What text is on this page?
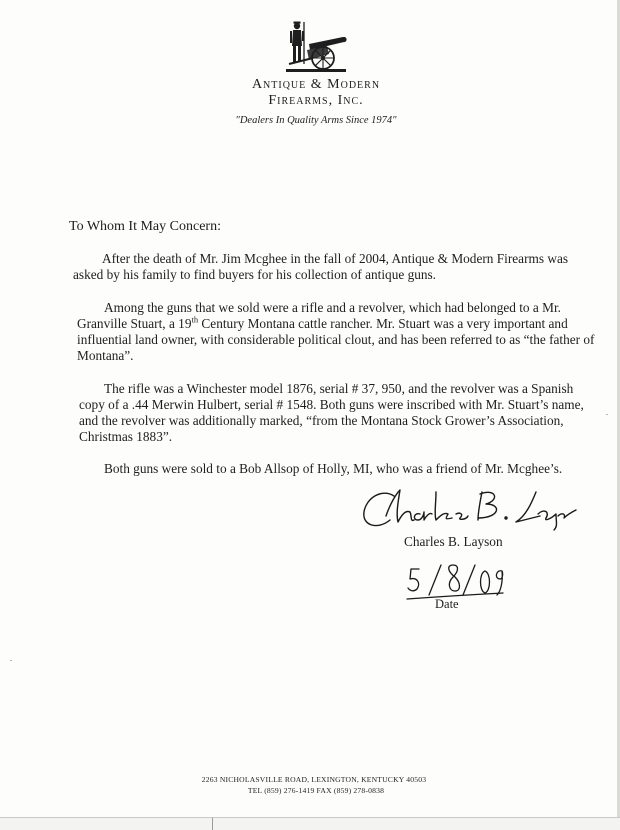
Antique & Modern
Firearms, Inc.
"Dealers In Quality Arms Since 1974"
To Whom It May Concern:
After the death of Mr. Jim Mcghee in the fall of 2004, Antique & Modern Firearms was
asked by his family to find buyers for his collection of antique guns.
Among the guns that we sold were a rifle and a revolver, which had belonged to a Mr.
Granville Stuart, a 19th Century Montana cattle rancher. Mr. Stuart was a very important and
influential land owner, with considerable political clout, and has been referred to as “the father of
Montana”.
The rifle was a Winchester model 1876, serial # 37, 950, and the revolver was a Spanish
copy of a .44 Merwin Hulbert, serial # 1548. Both guns were inscribed with Mr. Stuart’s name,
and the revolver was additionally marked, “from the Montana Stock Grower’s Association,
Christmas 1883”.
Both guns were sold to a Bob Allsop of Holly, MI, who was a friend of Mr. Mcghee’s.
Charles B. Layson
Date
2263 NICHOLASVILLE ROAD, LEXINGTON, KENTUCKY 40503
TEL (859) 276-1419 FAX (859) 278-0838
